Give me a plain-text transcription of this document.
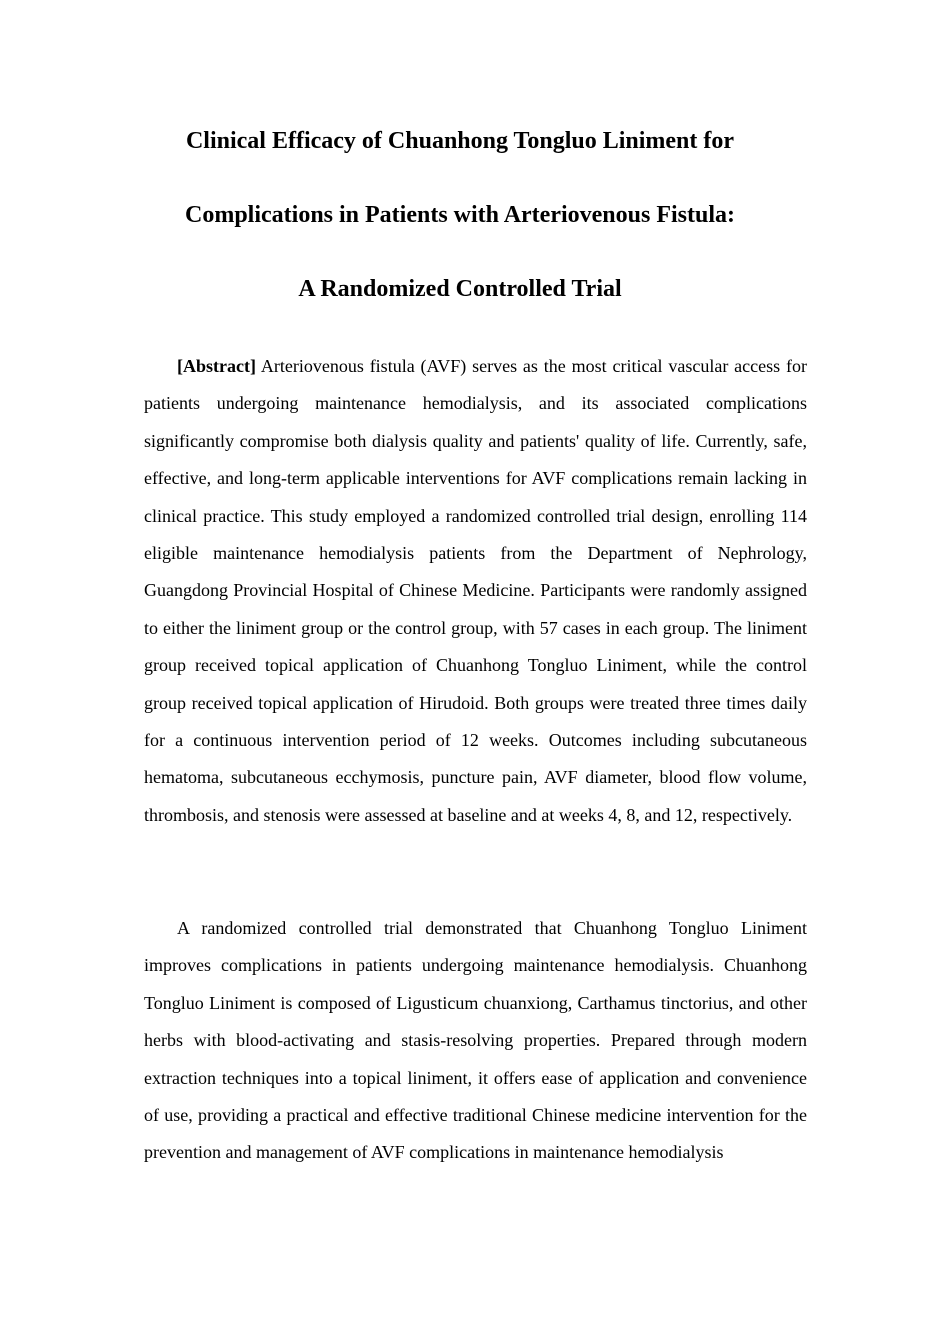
Clinical Efficacy of Chuanhong Tongluo Liniment for
Complications in Patients with Arteriovenous Fistula:
A Randomized Controlled Trial
[Abstract] Arteriovenous fistula (AVF) serves as the most critical vascular access for patients undergoing maintenance hemodialysis, and its associated complications significantly compromise both dialysis quality and patients' quality of life. Currently, safe, effective, and long-term applicable interventions for AVF complications remain lacking in clinical practice. This study employed a randomized controlled trial design, enrolling 114 eligible maintenance hemodialysis patients from the Department of Nephrology, Guangdong Provincial Hospital of Chinese Medicine. Participants were randomly assigned to either the liniment group or the control group, with 57 cases in each group. The liniment group received topical application of Chuanhong Tongluo Liniment, while the control group received topical application of Hirudoid. Both groups were treated three times daily for a continuous intervention period of 12 weeks. Outcomes including subcutaneous hematoma, subcutaneous ecchymosis, puncture pain, AVF diameter, blood flow volume, thrombosis, and stenosis were assessed at baseline and at weeks 4, 8, and 12, respectively.
A randomized controlled trial demonstrated that Chuanhong Tongluo Liniment improves complications in patients undergoing maintenance hemodialysis. Chuanhong Tongluo Liniment is composed of Ligusticum chuanxiong, Carthamus tinctorius, and other herbs with blood-activating and stasis-resolving properties. Prepared through modern extraction techniques into a topical liniment, it offers ease of application and convenience of use, providing a practical and effective traditional Chinese medicine intervention for the prevention and management of AVF complications in maintenance hemodialysis
